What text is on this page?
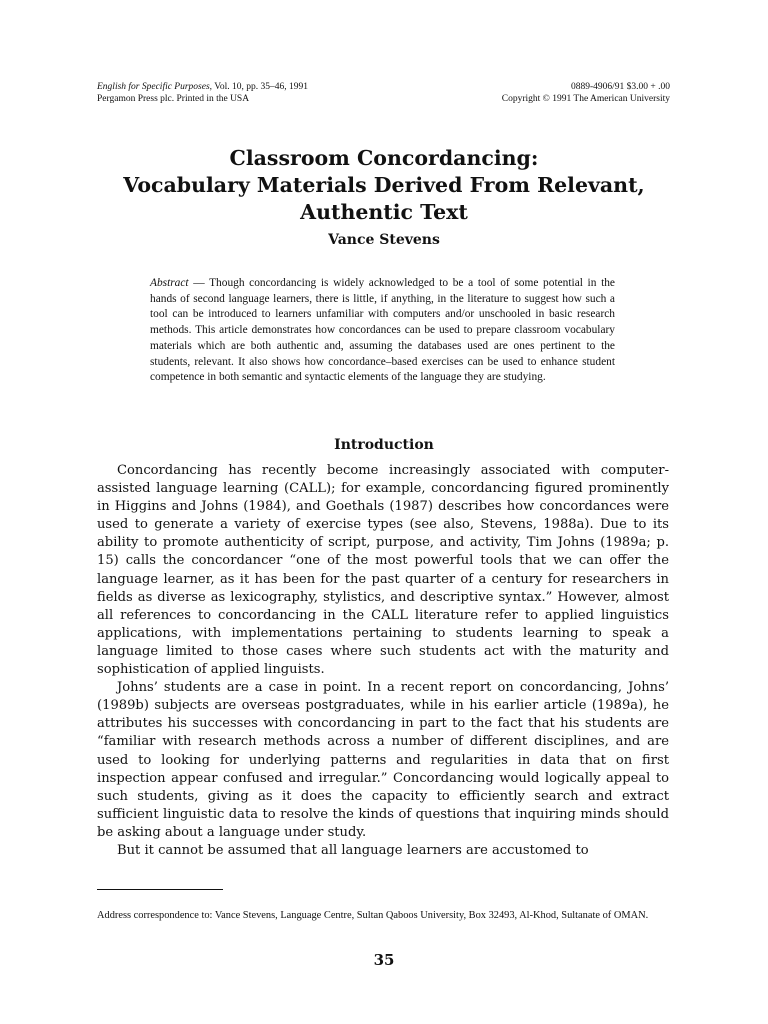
English for Specific Purposes, Vol. 10, pp. 35–46, 1991
Pergamon Press plc. Printed in the USA
0889-4906/91 $3.00 + .00
Copyright © 1991 The American University
Classroom Concordancing:
Vocabulary Materials Derived From Relevant,
Authentic Text
Vance Stevens

Abstract — Though concordancing is widely acknowledged to be a tool of some potential in the hands of second language learners, there is little, if anything, in the literature to suggest how such a tool can be introduced to learners unfamiliar with computers and/or unschooled in basic research methods. This article demonstrates how concordances can be used to prepare classroom vocabulary materials which are both authentic and, assuming the databases used are ones pertinent to the students, relevant. It also shows how concordance–based exercises can be used to enhance student competence in both semantic and syntactic elements of the language they are studying.

Introduction

Concordancing has recently become increasingly associated with computer-assisted language learning (CALL); for example, concordancing figured prominently in Higgins and Johns (1984), and Goethals (1987) describes how concordances were used to generate a variety of exercise types (see also, Stevens, 1988a). Due to its ability to promote authenticity of script, purpose, and activity, Tim Johns (1989a; p. 15) calls the concordancer “one of the most powerful tools that we can offer the language learner, as it has been for the past quarter of a century for researchers in fields as diverse as lexicography, stylistics, and descriptive syntax.” However, almost all references to concordancing in the CALL literature refer to applied linguistics applications, with implementations pertaining to students learning to speak a language limited to those cases where such students act with the maturity and sophistication of applied linguists.

Johns’ students are a case in point. In a recent report on concordancing, Johns’ (1989b) subjects are overseas postgraduates, while in his earlier article (1989a), he attributes his successes with concordancing in part to the fact that his students are “familiar with research methods across a number of different disciplines, and are used to looking for underlying patterns and regularities in data that on first inspection appear confused and irregular.” Concordancing would logically appeal to such students, giving as it does the capacity to efficiently search and extract sufficient linguistic data to resolve the kinds of questions that inquiring minds should be asking about a language under study.

But it cannot be assumed that all language learners are accustomed to

Address correspondence to: Vance Stevens, Language Centre, Sultan Qaboos University, Box 32493, Al-Khod, Sultanate of OMAN.
35
